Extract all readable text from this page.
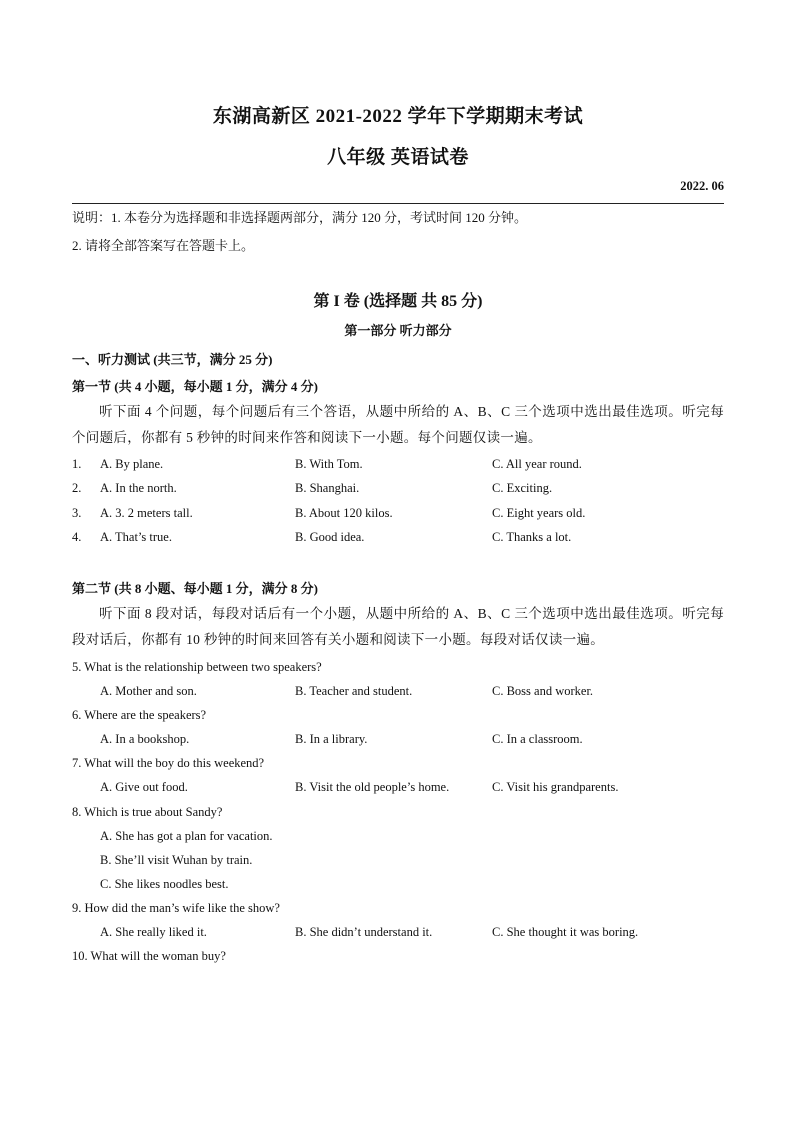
东湖高新区 2021-2022 学年下学期期末考试
八年级 英语试卷
2022. 06
说明：1. 本卷分为选择题和非选择题两部分，满分 120 分，考试时间 120 分钟。
2. 请将全部答案写在答题卡上。
第 I 卷 (选择题 共 85 分)
第一部分 听力部分
一、听力测试 (共三节，满分 25 分)
第一节 (共 4 小题，每小题 1 分，满分 4 分)
听下面 4 个问题，每个问题后有三个答语，从题中所给的 A、B、C 三个选项中选出最佳选项。听完每个问题后，你都有 5 秒钟的时间来作答和阅读下一小题。每个问题仅读一遍。
1. A. By plane.	B. With Tom.	C. All year round.
2. A. In the north.	B. Shanghai.	C. Exciting.
3. A. 3. 2 meters tall.	B. About 120 kilos.	C. Eight years old.
4. A. That’s true.	B. Good idea.	C. Thanks a lot.
第二节 (共 8 小题、每小题 1 分，满分 8 分)
听下面 8 段对话，每段对话后有一个小题，从题中所给的 A、B、C 三个选项中选出最佳选项。听完每段对话后，你都有 10 秒钟的时间来回答有关小题和阅读下一小题。每段对话仅读一遍。
5. What is the relationship between two speakers?
A. Mother and son.	B. Teacher and student.	C. Boss and worker.
6. Where are the speakers?
A. In a bookshop.	B. In a library.	C. In a classroom.
7. What will the boy do this weekend?
A. Give out food.	B. Visit the old people’s home.	C. Visit his grandparents.
8. Which is true about Sandy?
A. She has got a plan for vacation.
B. She’ll visit Wuhan by train.
C. She likes noodles best.
9. How did the man’s wife like the show?
A. She really liked it.	B. She didn’t understand it.	C. She thought it was boring.
10. What will the woman buy?
